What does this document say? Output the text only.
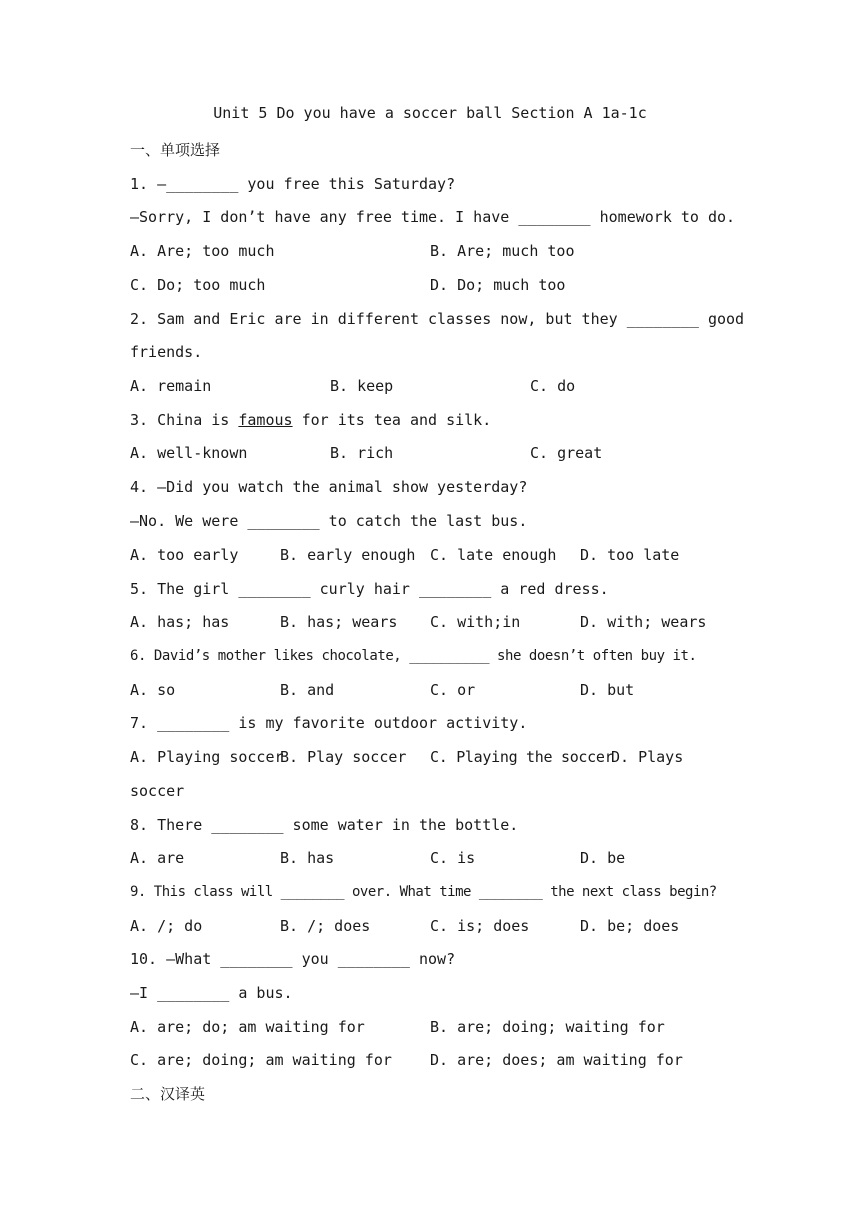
Unit 5 Do you have a soccer ball Section A 1a-1c
一、单项选择
1. —________ you free this Saturday?
—Sorry, I don’t have any free time. I have ________ homework to do.
A. Are; too much	B. Are; much too
C. Do; too much	D. Do; much too
2. Sam and Eric are in different classes now, but they ________ good
friends.
A. remain	B. keep	C. do
3. China is famous for its tea and silk.
A. well-known	B. rich	C. great
4. —Did you watch the animal show yesterday?
—No. We were ________ to catch the last bus.
A. too early	B. early enough C. late enough D. too late
5. The girl ________ curly hair ________ a red dress.
A. has; has	B. has; wears C. with;in	D. with; wears
6. David’s mother likes chocolate, __________ she doesn’t often buy it.
A. so	B. and	C. or	D. but
7. ________ is my favorite outdoor activity.
A. Playing soccer
B. Play soccer C. Playing the soccer
D. Plays
soccer
8. There ________ some water in the bottle.
A. are	B. has	C. is	D. be
9. This class will ________ over. What time ________ the next class begin?
A. /; do	B. /; does	C. is; does	D. be; does
10. —What ________ you ________ now?
—I ________ a bus.
A. are; do; am waiting for	B. are; doing; waiting for
C. are; doing; am waiting for	D. are; does; am waiting for
二、汉译英
